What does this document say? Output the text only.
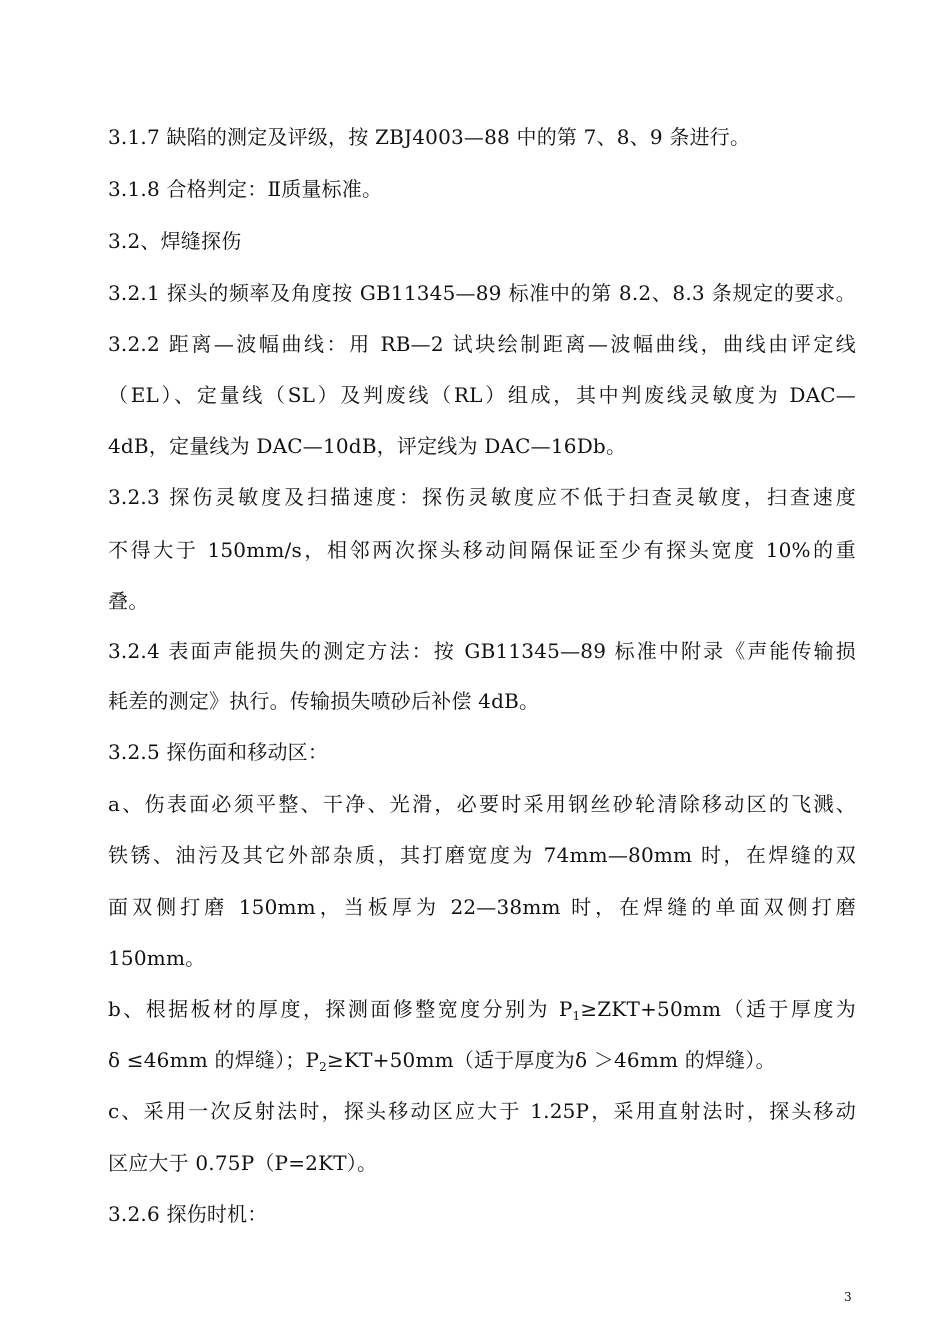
3.1.7 缺陷的测定及评级，按 ZBJ4003—88 中的第 7、8、9 条进行。
3.1.8 合格判定：Ⅱ质量标准。
3.2、焊缝探伤
3.2.1 探头的频率及角度按 GB11345—89 标准中的第 8.2、8.3 条规定的要求。
3.2.2 距离—波幅曲线：用 RB—2 试块绘制距离—波幅曲线，曲线由评定线
（EL）、定量线（SL）及判废线（RL）组成，其中判废线灵敏度为 DAC—
4dB，定量线为 DAC—10dB，评定线为 DAC—16Db。
3.2.3 探伤灵敏度及扫描速度：探伤灵敏度应不低于扫查灵敏度，扫查速度
不得大于 150mm/s，相邻两次探头移动间隔保证至少有探头宽度 10%的重
叠。
3.2.4 表面声能损失的测定方法：按 GB11345—89 标准中附录《声能传输损
耗差的测定》执行。传输损失喷砂后补偿 4dB。
3.2.5 探伤面和移动区：
a、伤表面必须平整、干净、光滑，必要时采用钢丝砂轮清除移动区的飞溅、
铁锈、油污及其它外部杂质，其打磨宽度为 74mm—80mm 时，在焊缝的双
面双侧打磨 150mm，当板厚为 22—38mm 时，在焊缝的单面双侧打磨
150mm。
b、根据板材的厚度，探测面修整宽度分别为 $P_1\ge ZKT+50mm$（适于厚度为
δ ≤46mm 的焊缝）；$P_2\ge KT+50mm$（适于厚度为δ ＞46mm 的焊缝）。
c、采用一次反射法时，探头移动区应大于 1.25P，采用直射法时，探头移动
区应大于 0.75P（P=2KT）。
3.2.6 探伤时机：
3
